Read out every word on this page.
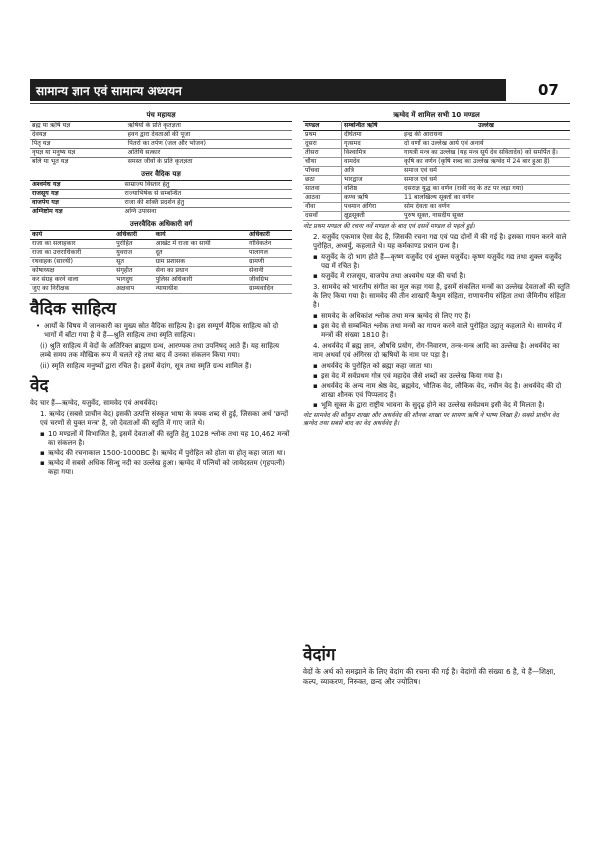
सामान्य ज्ञान एवं सामान्य अध्ययन	07
पंच महायज्ञ	
ब्रह्म या ऋषि यज्ञ	ऋषियों के प्रति कृतज्ञता
देवयज्ञ	हवन द्वारा देवताओं की पूजा
पितृ यज्ञ	पितरों का तर्पण (जल और भोजन)
नृयज्ञ या मनुष्य यज्ञ	अतिथि सत्कार
बलि या भूत यज्ञ	समस्त जीवों के प्रति कृतज्ञता
उत्तर वैदिक यज्ञ	
अश्वमेध यज्ञ	साम्राज्य विस्तार हेतु
राजसूय यज्ञ	राज्याभिषेक से सम्बन्धित
वाजपेय यज्ञ	राजा की शक्ति प्रदर्शन हेतु
अग्निष्टोम यज्ञ	अग्नि उपासना
उत्तरवैदिक अधिकारी वर्ग			
कार्य	अधिकारी	कार्य	अधिकारी
राजा का सलाहकार	पुरोहित	आखेट में राजा का साथी	गोविकर्तन
राजा का उत्तराधिकारी	युवराज	दूत	पालागल
रथवाहक (सारथी)	सूत	ग्राम प्रशासक	ग्रामणी
कोषाध्यक्ष	संगृहीत	सेना का प्रधान	सेनानी
कर संग्रह करने वाला	भागदुघ	पुलिस अधिकारी	जीवग्रिभ
जुए का निरीक्षक	अक्षवाप	न्यायाधीश	ग्राम्यवादिन
वैदिक साहित्य
• आर्यों के विषय में जानकारी का मुख्य स्रोत वैदिक साहित्य है। इस सम्पूर्ण वैदिक साहित्य को दो भागों में बाँटा गया है ये हैं—श्रुति साहित्य तथा स्मृति साहित्य।

(i) श्रुति साहित्य में वेदों के अतिरिक्त ब्राह्मण ग्रन्थ, आरण्यक तथा उपनिषद् आते हैं। यह साहित्य लम्बे समय तक मौखिक रूप में चलते रहे तथा बाद में उनका संकलन किया गया।

(ii) स्मृति साहित्य मनुष्यों द्वारा रचित है। इसमें वेदांग, सूत्र तथा स्मृति ग्रन्थ शामिल हैं।

वेद

वेद चार हैं—ऋग्वेद, यजुर्वेद, सामवेद एवं अथर्ववेद।

1. ऋग्वेद (सबसे प्राचीन वेद) इसकी उत्पत्ति संस्कृत भाषा के त्रयक शब्द से हुई, जिसका अर्थ 'छन्दों एवं चरणों से युक्त मन्त्र' है, जो देवताओं की स्तुति में गाए जाते थे।

▪ 10 मण्डलों में विभाजित है, इसमें देवताओं की स्तुति हेतु 1028 श्लोक तथा यह 10,462 मन्त्रों का संकलन है।
▪ ऋग्वेद की रचनाकाल 1500-1000BC है। ऋग्वेद में पुरोहित को होता या होतृ कहा जाता था।
▪ ऋग्वेद में सबसे अधिक सिन्धु नदी का उल्लेख हुआ। ऋग्वेद में पत्नियों को जायेदस्तम (गृहपत्नी) कहा गया।
ऋग्वेद में शामिल सभी 10 मण्डल		
मण्डल	सम्बन्धित ऋषि	उल्लेख
प्रथम	दीर्घतमा	इन्द्र की आराधना
दूसरा	गृत्समद	दो वर्णों का उल्लेख आर्य एवं अनार्य
तीसरा	विश्वामित्र	गायत्री मन्त्र का उल्लेख (यह मन्त्र सूर्य देव सवितादेव) को समर्पित है।
चौथा	वामदेव	कृषि का वर्णन (कृषि शब्द का उल्लेख ऋग्वेद में 24 बार हुआ है)
पाँचवा	अत्रि	समाज एवं धर्म
छठा	भारद्वाज	समाज एवं धर्म
सातवा	वशिष्ठ	दसराज्ञ युद्ध का वर्णन (रावी नद के तट पर लड़ा गया)
आठवा	कण्व ऋषि	11 बालखिल्य सूक्तों का वर्णन
नौवा	पवमान अंगिरा	सोम देवता का वर्णन
दसवाँ	क्षुद्रसूक्ती	पुरुष सूक्त, नासदीय सूक्त

नोट प्रथम मण्डल की रचना नवें मण्डल के बाद एवं दसवें मण्डल से पहले हुई।

2. यजुर्वेद एकमात्र ऐसा वेद है, जिसकी रचना गद्य एवं पद्य दोनों में की गई है। इसका गायन करने वाले पुरोहित, अध्वर्यु, कहलाते थे। यह कर्मकाण्ड प्रधान ग्रन्थ है।

▪ यजुर्वेद के दो भाग होते हैं—कृष्ण यजुर्वेद एवं शुक्ल यजुर्वेद। कृष्ण यजुर्वेद गद्य तथा शुक्ल यजुर्वेद पद्य में रचित है।
▪ यजुर्वेद में राजसूय, वाजपेय तथा अश्वमेध यज्ञ की चर्चा है।

3. सामवेद को भारतीय संगीत का मूल कहा गया है, इसमें संकलित मन्त्रों का उल्लेख देवताओं की स्तुति के लिए किया गया है। सामवेद की तीन शाखाएँ कैथुम संहिता, राणायनीय संहिता तथा जैमिनीय संहिता है।

▪ सामवेद के अधिकांश श्लोक तथा मन्त्र ऋग्वेद से लिए गए हैं।
▪ इस वेद से सम्बन्धित श्लोक तथा मन्त्रों का गायन करने वाले पुरोहित उद्गातृ कहलाते थे। सामवेद में मन्त्रों की संख्या 1810 है।

4. अथर्ववेद में ब्रह्म ज्ञान, औषधि प्रयोग, रोग-निवारण, तन्त्र-मन्त्र आदि का उल्लेख है। अथर्ववेद का नाम अथर्वा एवं अंगिरस दो ऋषियों के नाम पर पड़ा है।

▪ अथर्ववेद के पुरोहित को ब्रह्मा कहा जाता था।
▪ इस वेद में सर्वप्रथम गोत्र एवं महादेव जैसे शब्दों का उल्लेख किया गया है।
▪ अथर्ववेद के अन्य नाम श्रेष्ठ वेद, ब्रह्मवेद, भौतिक वेद, लौकिक वेद, नवीन वेद है। अथर्ववेद की दो शाखा शौनक एवं पिप्पलाद हैं।
▪ भूमि सूक्त के द्वारा राष्ट्रीय भावना के सुदृढ़ होने का उल्लेख सर्वप्रथम इसी वेद में मिलता है।

नोट सामवेद की कौथुम शाखा और अथर्ववेद की शौनक शाखा पर सायण ऋषि ने भाष्य लिखा है। सबसे प्राचीन वेद ऋग्वेद तथा सबसे बाद का वेद अथर्ववेद है।

वेदांग

वेदों के अर्थ को समझाने के लिए वेदांग की रचना की गई है। वेदांगों की संख्या 6 है, ये हैं—शिक्षा, कल्प, व्याकरण, निरुक्त, छन्द और ज्योतिष।
